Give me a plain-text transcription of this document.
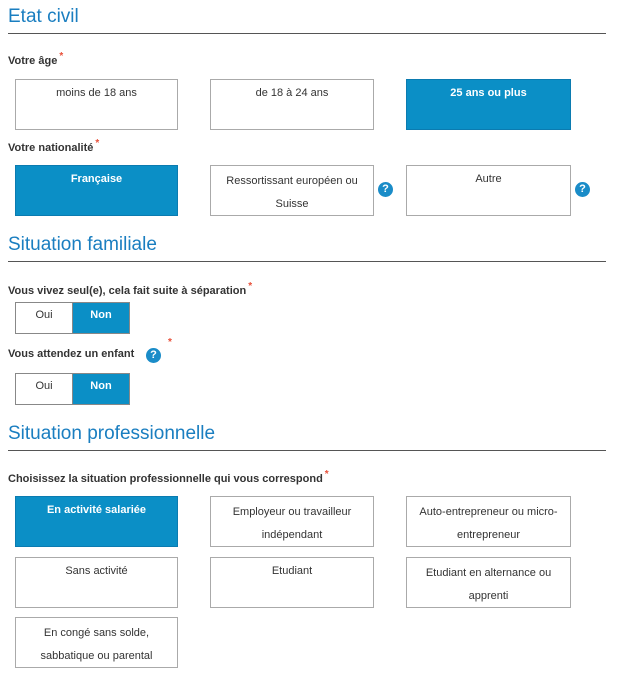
Etat civil
Votre âge *
moins de 18 ans	de 18 à 24 ans	25 ans ou plus
Votre nationalité *
Française	Ressortissant européen ou Suisse
?
Autre
?
Situation familiale
Vous vivez seul(e), cela fait suite à séparation *
Oui	Non
Vous attendez un enfant	?
*
Oui	Non
Situation professionnelle
Choisissez la situation professionnelle qui vous correspond *
En activité salariée	Employeur ou travailleur indépendant
Auto-entrepreneur ou micro-entrepreneur
Sans activité	Etudiant	Etudiant en alternance ou apprenti
En congé sans solde, sabbatique ou parental
